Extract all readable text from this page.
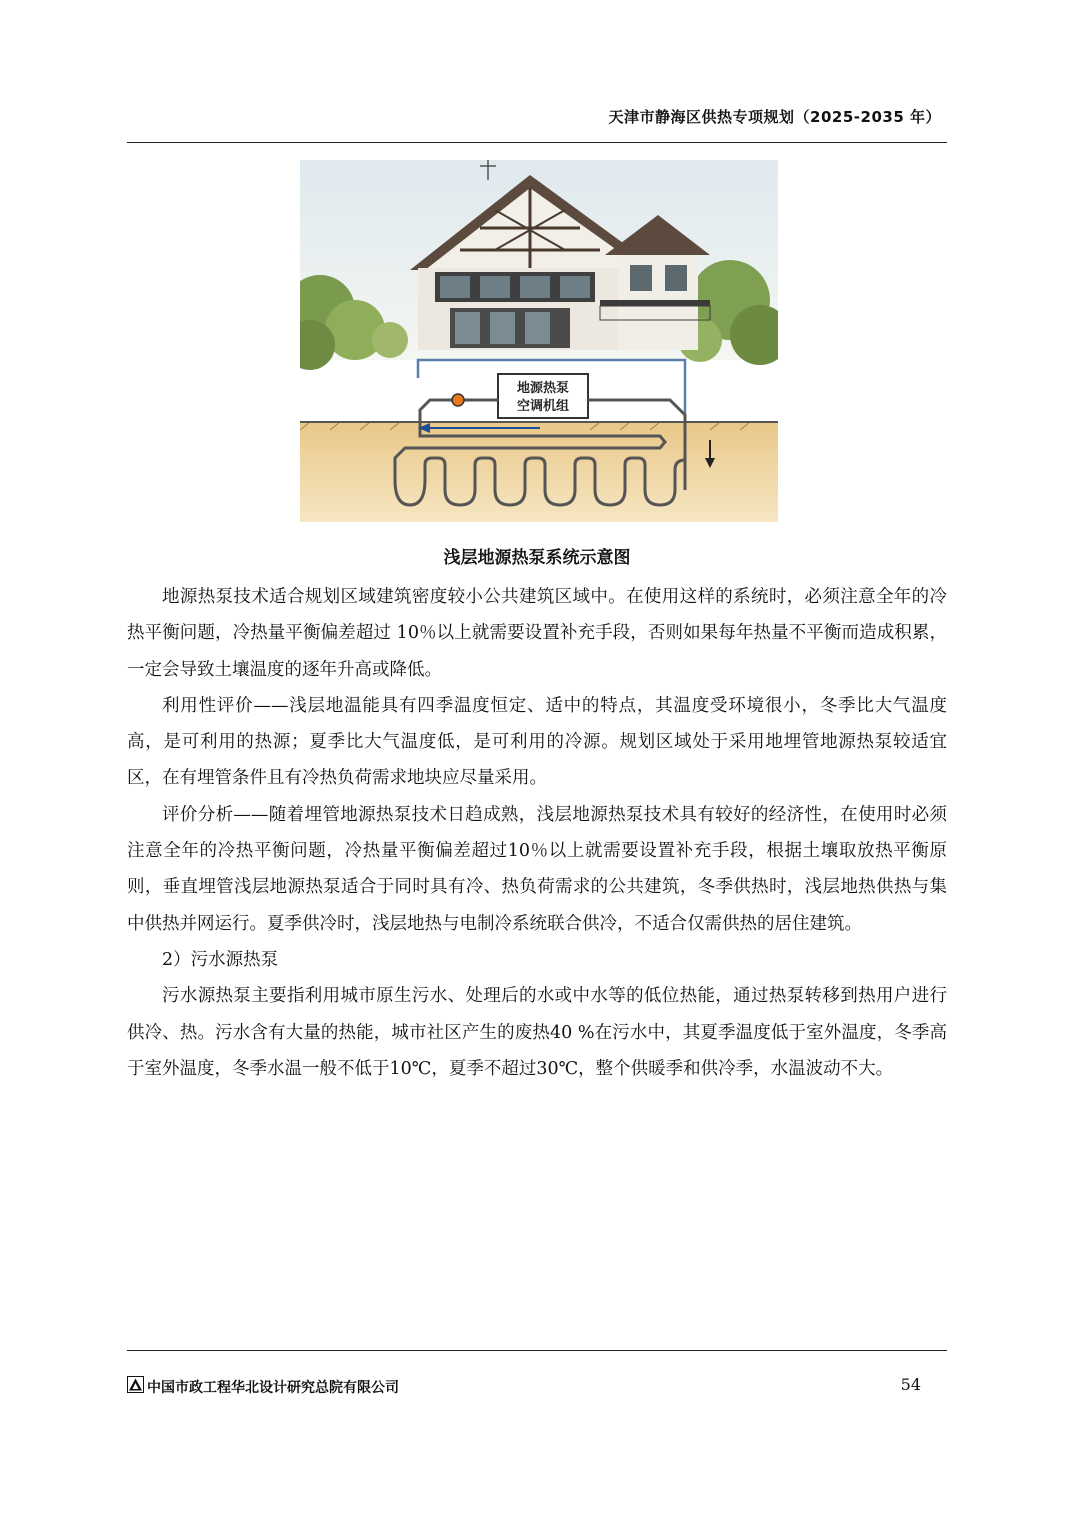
天津市静海区供热专项规划（2025-2035 年）
地源热泵
空调机组
浅层地源热泵系统示意图

地源热泵技术适合规划区域建筑密度较小公共建筑区域中。在使用这样的系统时，必须注意全年的冷热平衡问题，冷热量平衡偏差超过 10％以上就需要设置补充手段，否则如果每年热量不平衡而造成积累，一定会导致土壤温度的逐年升高或降低。

利用性评价——浅层地温能具有四季温度恒定、适中的特点，其温度受环境很小，冬季比大气温度高，是可利用的热源；夏季比大气温度低，是可利用的冷源。规划区域处于采用地埋管地源热泵较适宜区，在有埋管条件且有冷热负荷需求地块应尽量采用。

评价分析——随着埋管地源热泵技术日趋成熟，浅层地源热泵技术具有较好的经济性，在使用时必须注意全年的冷热平衡问题，冷热量平衡偏差超过10％以上就需要设置补充手段，根据土壤取放热平衡原则，垂直埋管浅层地源热泵适合于同时具有冷、热负荷需求的公共建筑，冬季供热时，浅层地热供热与集中供热并网运行。夏季供冷时，浅层地热与电制冷系统联合供冷，不适合仅需供热的居住建筑。

2）污水源热泵

污水源热泵主要指利用城市原生污水、处理后的水或中水等的低位热能，通过热泵转移到热用户进行供冷、热。污水含有大量的热能，城市社区产生的废热40 %在污水中，其夏季温度低于室外温度，冬季高于室外温度，冬季水温一般不低于10℃，夏季不超过30℃，整个供暖季和供冷季，水温波动不大。

中国市政工程华北设计研究总院有限公司	54
